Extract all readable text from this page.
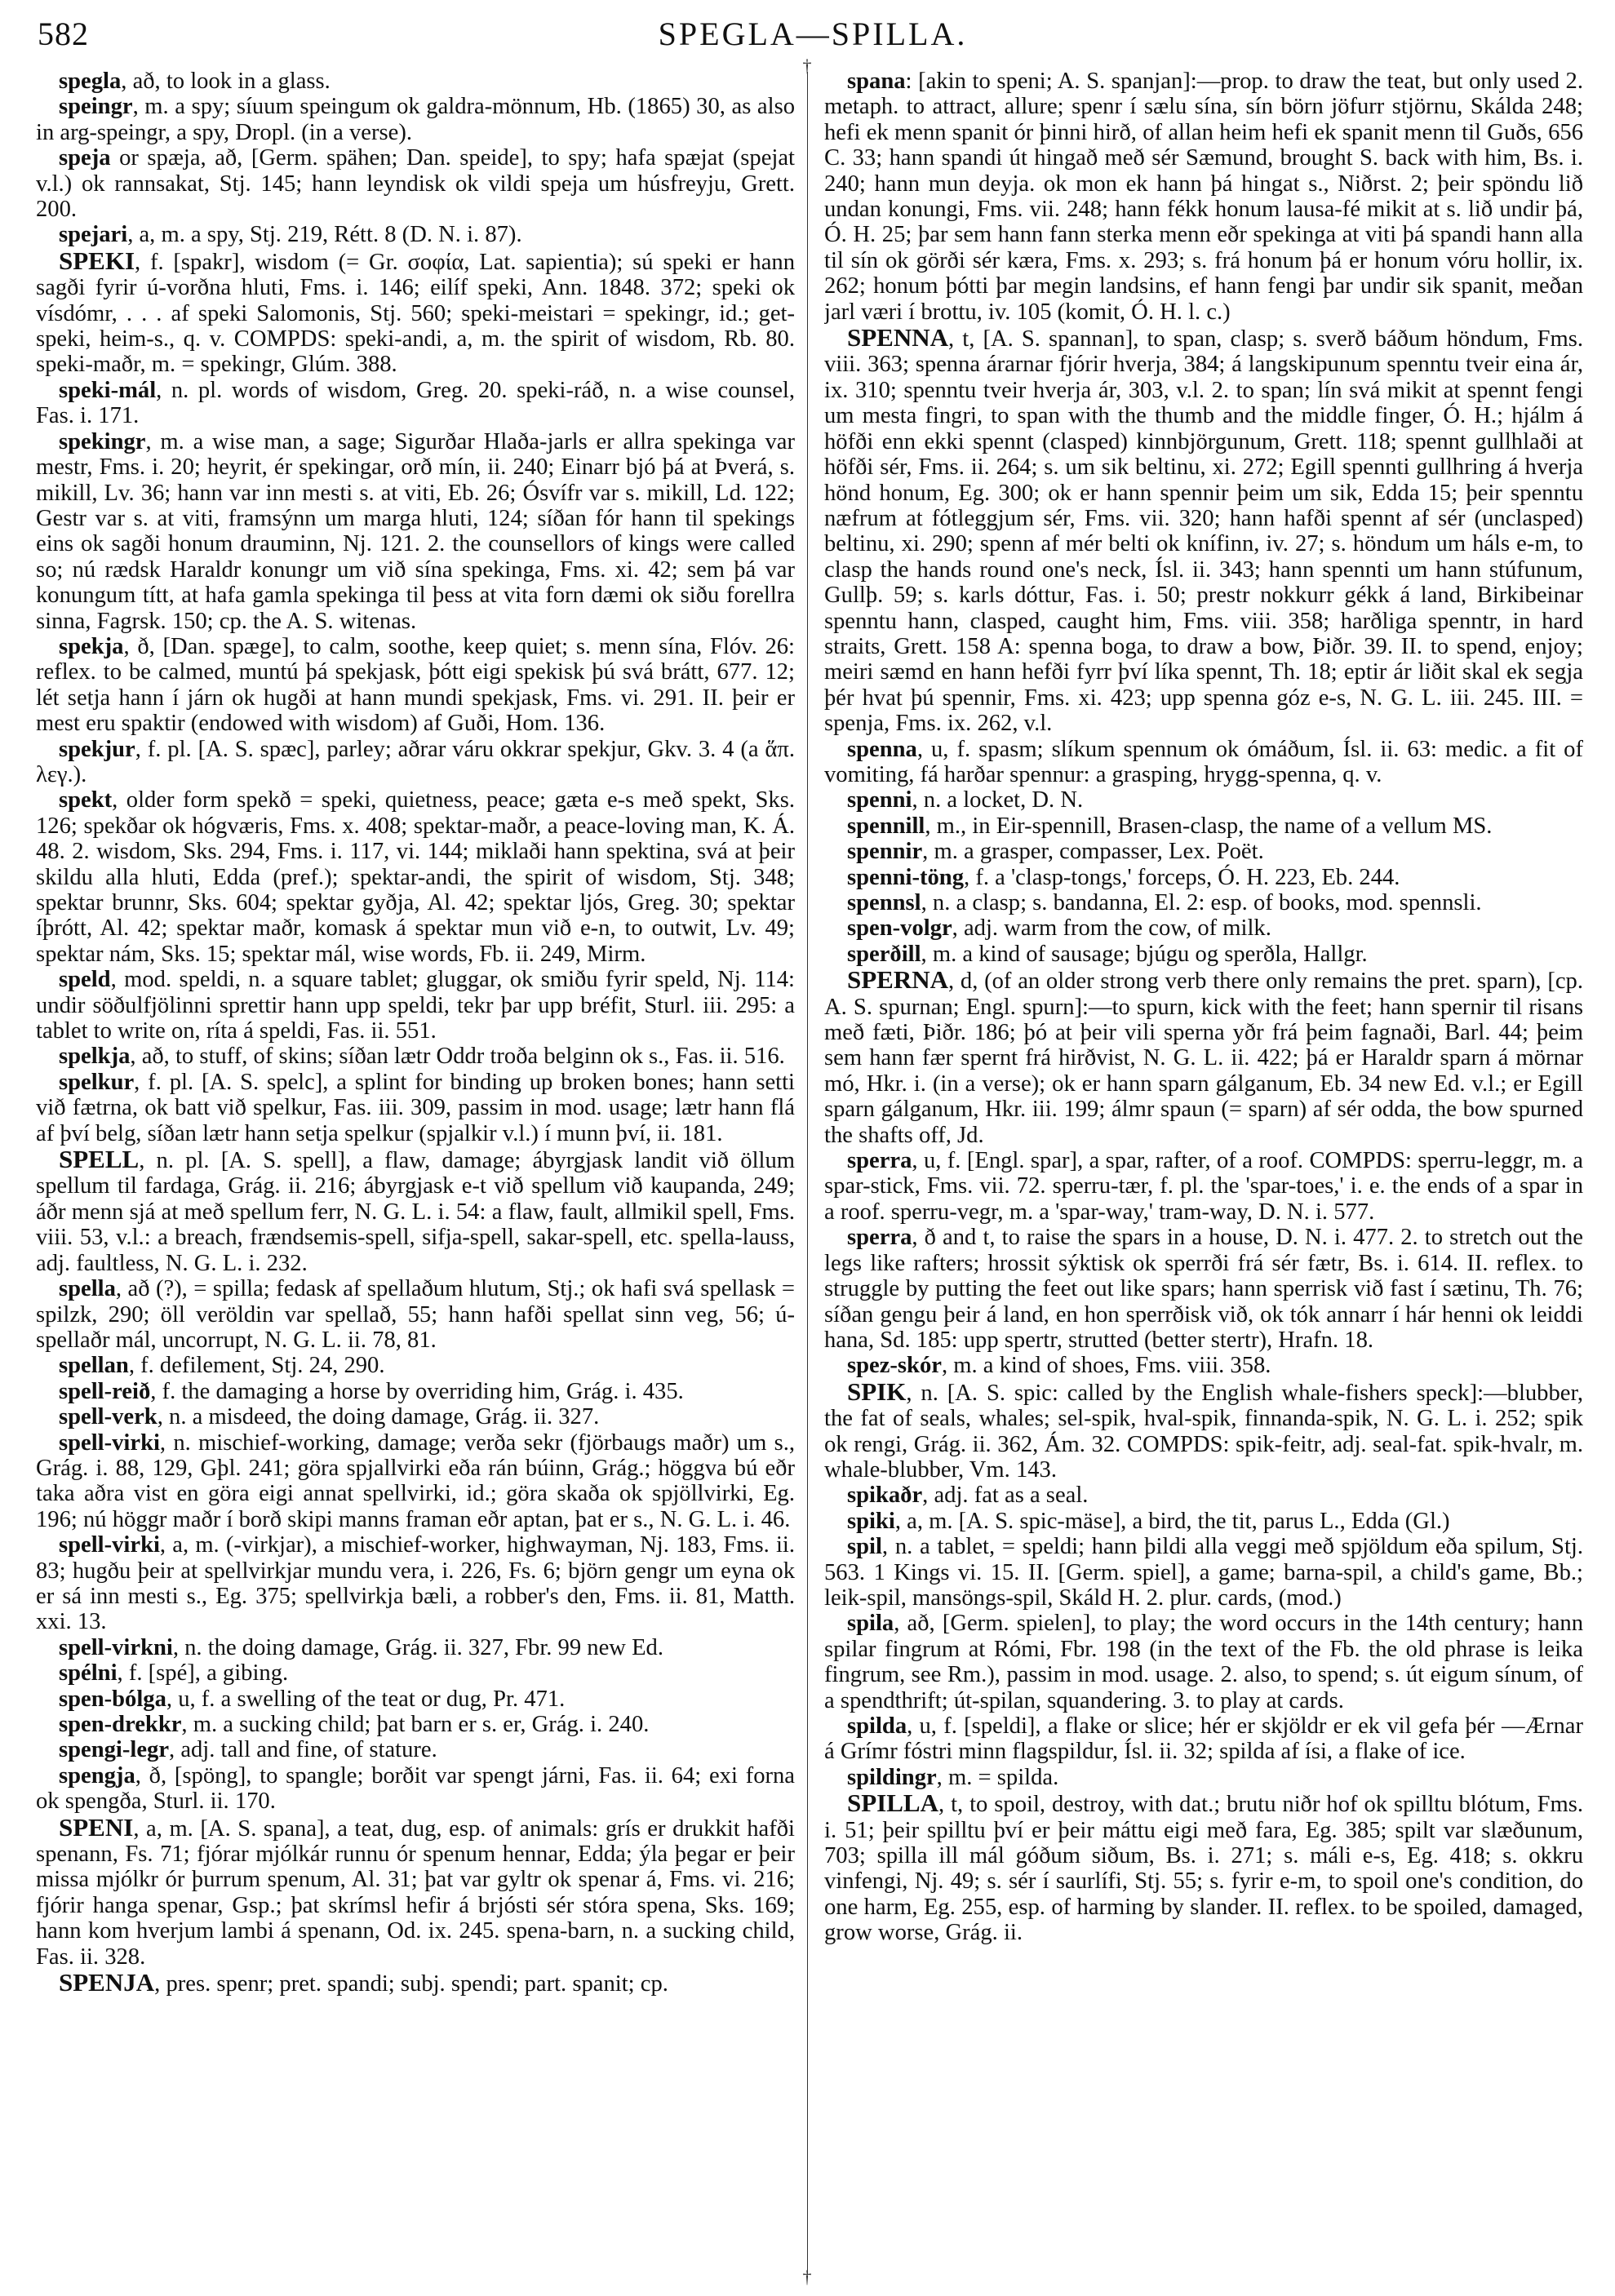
582	SPEGLA—SPILLA.
†
†

spegla, að, to look in a glass.

speingr, m. a spy; síuum speingum ok galdra-mönnum, Hb. (1865) 30, as also in arg-speingr, a spy, Dropl. (in a verse).

speja or spæja, að, [Germ. spähen; Dan. speide], to spy; hafa spæjat (spejat v.l.) ok rannsakat, Stj. 145; hann leyndisk ok vildi speja um húsfreyju, Grett. 200.

spejari, a, m. a spy, Stj. 219, Rétt. 8 (D. N. i. 87).

SPEKI, f. [spakr], wisdom (= Gr. σοφία, Lat. sapientia); sú speki er hann sagði fyrir ú-vorðna hluti, Fms. i. 146; eilíf speki, Ann. 1848. 372; speki ok vísdómr, . . . af speki Salomonis, Stj. 560; speki-meistari = spekingr, id.; get-speki, heim-s., q. v. COMPDS: speki-andi, a, m. the spirit of wisdom, Rb. 80. speki-maðr, m. = spekingr, Glúm. 388.

speki-mál, n. pl. words of wisdom, Greg. 20. speki-ráð, n. a wise counsel, Fas. i. 171.

spekingr, m. a wise man, a sage; Sigurðar Hlaða-jarls er allra spekinga var mestr, Fms. i. 20; heyrit, ér spekingar, orð mín, ii. 240; Einarr bjó þá at Þverá, s. mikill, Lv. 36; hann var inn mesti s. at viti, Eb. 26; Ósvífr var s. mikill, Ld. 122; Gestr var s. at viti, framsýnn um marga hluti, 124; síðan fór hann til spekings eins ok sagði honum drauminn, Nj. 121. 2. the counsellors of kings were called so; nú rædsk Haraldr konungr um við sína spekinga, Fms. xi. 42; sem þá var konungum títt, at hafa gamla spekinga til þess at vita forn dæmi ok siðu forellra sinna, Fagrsk. 150; cp. the A. S. witenas.

spekja, ð, [Dan. spæge], to calm, soothe, keep quiet; s. menn sína, Flóv. 26: reflex. to be calmed, muntú þá spekjask, þótt eigi spekisk þú svá brátt, 677. 12; lét setja hann í járn ok hugði at hann mundi spekjask, Fms. vi. 291. II. þeir er mest eru spaktir (endowed with wisdom) af Guði, Hom. 136.

spekjur, f. pl. [A. S. spæc], parley; aðrar váru okkrar spekjur, Gkv. 3. 4 (a ἅπ. λεγ.).

spekt, older form spekð = speki, quietness, peace; gæta e-s með spekt, Sks. 126; spekðar ok hógværis, Fms. x. 408; spektar-maðr, a peace-loving man, K. Á. 48. 2. wisdom, Sks. 294, Fms. i. 117, vi. 144; miklaði hann spektina, svá at þeir skildu alla hluti, Edda (pref.); spektar-andi, the spirit of wisdom, Stj. 348; spektar brunnr, Sks. 604; spektar gyðja, Al. 42; spektar ljós, Greg. 30; spektar íþrótt, Al. 42; spektar maðr, komask á spektar mun við e-n, to outwit, Lv. 49; spektar nám, Sks. 15; spektar mál, wise words, Fb. ii. 249, Mirm.

speld, mod. speldi, n. a square tablet; gluggar, ok smiðu fyrir speld, Nj. 114: undir söðulfjölinni sprettir hann upp speldi, tekr þar upp bréfit, Sturl. iii. 295: a tablet to write on, ríta á speldi, Fas. ii. 551.

spelkja, að, to stuff, of skins; síðan lætr Oddr troða belginn ok s., Fas. ii. 516.

spelkur, f. pl. [A. S. spelc], a splint for binding up broken bones; hann setti við fætrna, ok batt við spelkur, Fas. iii. 309, passim in mod. usage; lætr hann flá af því belg, síðan lætr hann setja spelkur (spjalkir v.l.) í munn því, ii. 181.

SPELL, n. pl. [A. S. spell], a flaw, damage; ábyrgjask landit við öllum spellum til fardaga, Grág. ii. 216; ábyrgjask e-t við spellum við kaupanda, 249; áðr menn sjá at með spellum ferr, N. G. L. i. 54: a flaw, fault, allmikil spell, Fms. viii. 53, v.l.: a breach, frændsemis-spell, sifja-spell, sakar-spell, etc. spella-lauss, adj. faultless, N. G. L. i. 232.

spella, að (?), = spilla; fedask af spellaðum hlutum, Stj.; ok hafi svá spellask = spilzk, 290; öll veröldin var spellað, 55; hann hafði spellat sinn veg, 56; ú-spellaðr mál, uncorrupt, N. G. L. ii. 78, 81.

spellan, f. defilement, Stj. 24, 290.

spell-reið, f. the damaging a horse by overriding him, Grág. i. 435.

spell-verk, n. a misdeed, the doing damage, Grág. ii. 327.

spell-virki, n. mischief-working, damage; verða sekr (fjörbaugs maðr) um s., Grág. i. 88, 129, Gþl. 241; göra spjallvirki eða rán búinn, Grág.; höggva bú eðr taka aðra vist en göra eigi annat spellvirki, id.; göra skaða ok spjöllvirki, Eg. 196; nú höggr maðr í borð skipi manns framan eðr aptan, þat er s., N. G. L. i. 46.

spell-virki, a, m. (-virkjar), a mischief-worker, highwayman, Nj. 183, Fms. ii. 83; hugðu þeir at spellvirkjar mundu vera, i. 226, Fs. 6; björn gengr um eyna ok er sá inn mesti s., Eg. 375; spellvirkja bæli, a robber's den, Fms. ii. 81, Matth. xxi. 13.

spell-virkni, n. the doing damage, Grág. ii. 327, Fbr. 99 new Ed.

spélni, f. [spé], a gibing.

spen-bólga, u, f. a swelling of the teat or dug, Pr. 471.

spen-drekkr, m. a sucking child; þat barn er s. er, Grág. i. 240.

spengi-legr, adj. tall and fine, of stature.

spengja, ð, [spöng], to spangle; borðit var spengt járni, Fas. ii. 64; exi forna ok spengða, Sturl. ii. 170.

SPENI, a, m. [A. S. spana], a teat, dug, esp. of animals: grís er drukkit hafði spenann, Fs. 71; fjórar mjólkár runnu ór spenum hennar, Edda; ýla þegar er þeir missa mjólkr ór þurrum spenum, Al. 31; þat var gyltr ok spenar á, Fms. vi. 216; fjórir hanga spenar, Gsp.; þat skrímsl hefir á brjósti sér stóra spena, Sks. 169; hann kom hverjum lambi á spenann, Od. ix. 245. spena-barn, n. a sucking child, Fas. ii. 328.

SPENJA, pres. spenr; pret. spandi; subj. spendi; part. spanit; cp.

spana: [akin to speni; A. S. spanjan]:—prop. to draw the teat, but only used 2. metaph. to attract, allure; spenr í sælu sína, sín börn jöfurr stjörnu, Skálda 248; hefi ek menn spanit ór þinni hirð, of allan heim hefi ek spanit menn til Guðs, 656 C. 33; hann spandi út hingað með sér Sæmund, brought S. back with him, Bs. i. 240; hann mun deyja. ok mon ek hann þá hingat s., Niðrst. 2; þeir spöndu lið undan konungi, Fms. vii. 248; hann fékk honum lausa-fé mikit at s. lið undir þá, Ó. H. 25; þar sem hann fann sterka menn eðr spekinga at viti þá spandi hann alla til sín ok görði sér kæra, Fms. x. 293; s. frá honum þá er honum vóru hollir, ix. 262; honum þótti þar megin landsins, ef hann fengi þar undir sik spanit, meðan jarl væri í brottu, iv. 105 (komit, Ó. H. l. c.)

SPENNA, t, [A. S. spannan], to span, clasp; s. sverð báðum höndum, Fms. viii. 363; spenna árarnar fjórir hverja, 384; á langskipunum spenntu tveir eina ár, ix. 310; spenntu tveir hverja ár, 303, v.l. 2. to span; lín svá mikit at spennt fengi um mesta fingri, to span with the thumb and the middle finger, Ó. H.; hjálm á höfði enn ekki spennt (clasped) kinnbjörgunum, Grett. 118; spennt gullhlaði at höfði sér, Fms. ii. 264; s. um sik beltinu, xi. 272; Egill spennti gullhring á hverja hönd honum, Eg. 300; ok er hann spennir þeim um sik, Edda 15; þeir spenntu næfrum at fótleggjum sér, Fms. vii. 320; hann hafði spennt af sér (unclasped) beltinu, xi. 290; spenn af mér belti ok knífinn, iv. 27; s. höndum um háls e-m, to clasp the hands round one's neck, Ísl. ii. 343; hann spennti um hann stúfunum, Gullþ. 59; s. karls dóttur, Fas. i. 50; prestr nokkurr gékk á land, Birkibeinar spenntu hann, clasped, caught him, Fms. viii. 358; harðliga spenntr, in hard straits, Grett. 158 A: spenna boga, to draw a bow, Þiðr. 39. II. to spend, enjoy; meiri sæmd en hann hefði fyrr því líka spennt, Th. 18; eptir ár liðit skal ek segja þér hvat þú spennir, Fms. xi. 423; upp spenna góz e-s, N. G. L. iii. 245. III. = spenja, Fms. ix. 262, v.l.

spenna, u, f. spasm; slíkum spennum ok ómáðum, Ísl. ii. 63: medic. a fit of vomiting, fá harðar spennur: a grasping, hrygg-spenna, q. v.

spenni, n. a locket, D. N.

spennill, m., in Eir-spennill, Brasen-clasp, the name of a vellum MS.

spennir, m. a grasper, compasser, Lex. Poët.

spenni-töng, f. a 'clasp-tongs,' forceps, Ó. H. 223, Eb. 244.

spennsl, n. a clasp; s. bandanna, El. 2: esp. of books, mod. spennsli.

spen-volgr, adj. warm from the cow, of milk.

sperðill, m. a kind of sausage; bjúgu og sperðla, Hallgr.

SPERNA, d, (of an older strong verb there only remains the pret. sparn), [cp. A. S. spurnan; Engl. spurn]:—to spurn, kick with the feet; hann spernir til risans með fæti, Þiðr. 186; þó at þeir vili sperna yðr frá þeim fagnaði, Barl. 44; þeim sem hann fær spernt frá hirðvist, N. G. L. ii. 422; þá er Haraldr sparn á mörnar mó, Hkr. i. (in a verse); ok er hann sparn gálganum, Eb. 34 new Ed. v.l.; er Egill sparn gálganum, Hkr. iii. 199; álmr spaun (= sparn) af sér odda, the bow spurned the shafts off, Jd.

sperra, u, f. [Engl. spar], a spar, rafter, of a roof. COMPDS: sperru-leggr, m. a spar-stick, Fms. vii. 72. sperru-tær, f. pl. the 'spar-toes,' i. e. the ends of a spar in a roof. sperru-vegr, m. a 'spar-way,' tram-way, D. N. i. 577.

sperra, ð and t, to raise the spars in a house, D. N. i. 477. 2. to stretch out the legs like rafters; hrossit sýktisk ok sperrði frá sér fætr, Bs. i. 614. II. reflex. to struggle by putting the feet out like spars; hann sperrisk við fast í sætinu, Th. 76; síðan gengu þeir á land, en hon sperrðisk við, ok tók annarr í hár henni ok leiddi hana, Sd. 185: upp spertr, strutted (better stertr), Hrafn. 18.

spez-skór, m. a kind of shoes, Fms. viii. 358.

SPIK, n. [A. S. spic: called by the English whale-fishers speck]:—blubber, the fat of seals, whales; sel-spik, hval-spik, finnanda-spik, N. G. L. i. 252; spik ok rengi, Grág. ii. 362, Ám. 32. COMPDS: spik-feitr, adj. seal-fat. spik-hvalr, m. whale-blubber, Vm. 143.

spikaðr, adj. fat as a seal.

spiki, a, m. [A. S. spic-mäse], a bird, the tit, parus L., Edda (Gl.)

spil, n. a tablet, = speldi; hann þildi alla veggi með spjöldum eða spilum, Stj. 563. 1 Kings vi. 15. II. [Germ. spiel], a game; barna-spil, a child's game, Bb.; leik-spil, mansöngs-spil, Skáld H. 2. plur. cards, (mod.)

spila, að, [Germ. spielen], to play; the word occurs in the 14th century; hann spilar fingrum at Rómi, Fbr. 198 (in the text of the Fb. the old phrase is leika fingrum, see Rm.), passim in mod. usage. 2. also, to spend; s. út eigum sínum, of a spendthrift; út-spilan, squandering. 3. to play at cards.

spilda, u, f. [speldi], a flake or slice; hér er skjöldr er ek vil gefa þér —Ærnar á Grímr fóstri minn flagspildur, Ísl. ii. 32; spilda af ísi, a flake of ice.

spildingr, m. = spilda.

SPILLA, t, to spoil, destroy, with dat.; brutu niðr hof ok spilltu blótum, Fms. i. 51; þeir spilltu því er þeir máttu eigi með fara, Eg. 385; spilt var slæðunum, 703; spilla ill mál góðum siðum, Bs. i. 271; s. máli e-s, Eg. 418; s. okkru vinfengi, Nj. 49; s. sér í saurlífi, Stj. 55; s. fyrir e-m, to spoil one's condition, do one harm, Eg. 255, esp. of harming by slander. II. reflex. to be spoiled, damaged, grow worse, Grág. ii.
